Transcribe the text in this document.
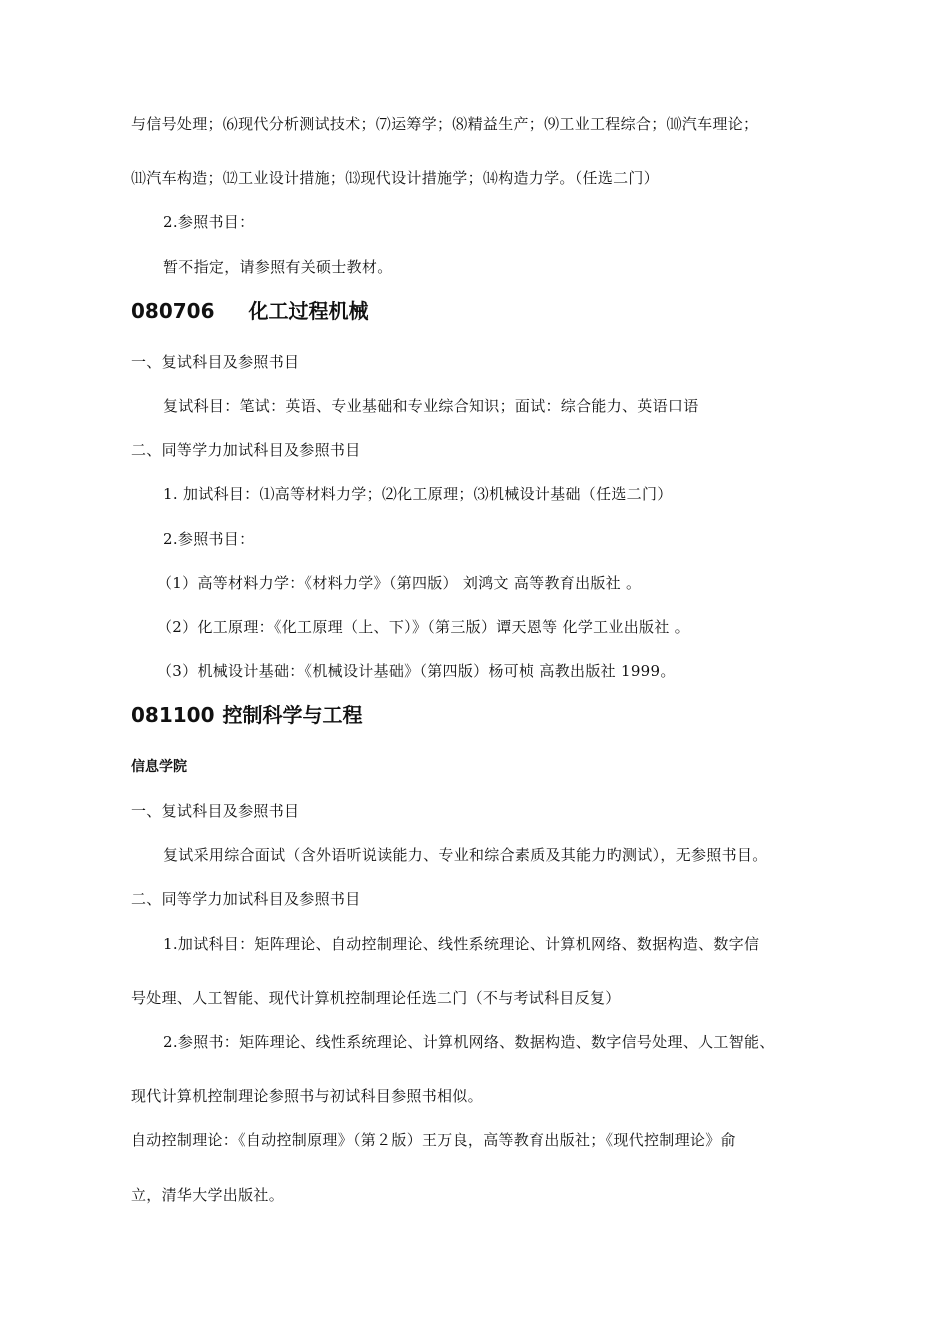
与信号处理；⑹现代分析测试技术；⑺运筹学；⑻精益生产；⑼工业工程综合；⑽汽车理论；
⑾汽车构造；⑿工业设计措施；⒀现代设计措施学；⒁构造力学。（任选二门）
2.参照书目：
暂不指定，请参照有关硕士教材。
080706 化工过程机械
一、复试科目及参照书目
复试科目：笔试：英语、专业基础和专业综合知识；面试：综合能力、英语口语
二、同等学力加试科目及参照书目
1. 加试科目：⑴高等材料力学；⑵化工原理；⑶机械设计基础（任选二门）
2.参照书目：
（1）高等材料力学：《材料力学》（第四版） 刘鸿文 高等教育出版社 。
（2）化工原理：《化工原理（上、下）》（第三版）谭天恩等 化学工业出版社 。
（3）机械设计基础：《机械设计基础》（第四版）杨可桢 高教出版社 1999。
081100 控制科学与工程
信息学院
一、复试科目及参照书目
复试采用综合面试（含外语听说读能力、专业和综合素质及其能力旳测试），无参照书目。
二、同等学力加试科目及参照书目
1.加试科目：矩阵理论、自动控制理论、线性系统理论、计算机网络、数据构造、数字信
号处理、人工智能、现代计算机控制理论任选二门（不与考试科目反复）
2.参照书：矩阵理论、线性系统理论、计算机网络、数据构造、数字信号处理、人工智能、
现代计算机控制理论参照书与初试科目参照书相似。
自动控制理论：《自动控制原理》（第２版）王万良，高等教育出版社；《现代控制理论》俞
立，清华大学出版社。
